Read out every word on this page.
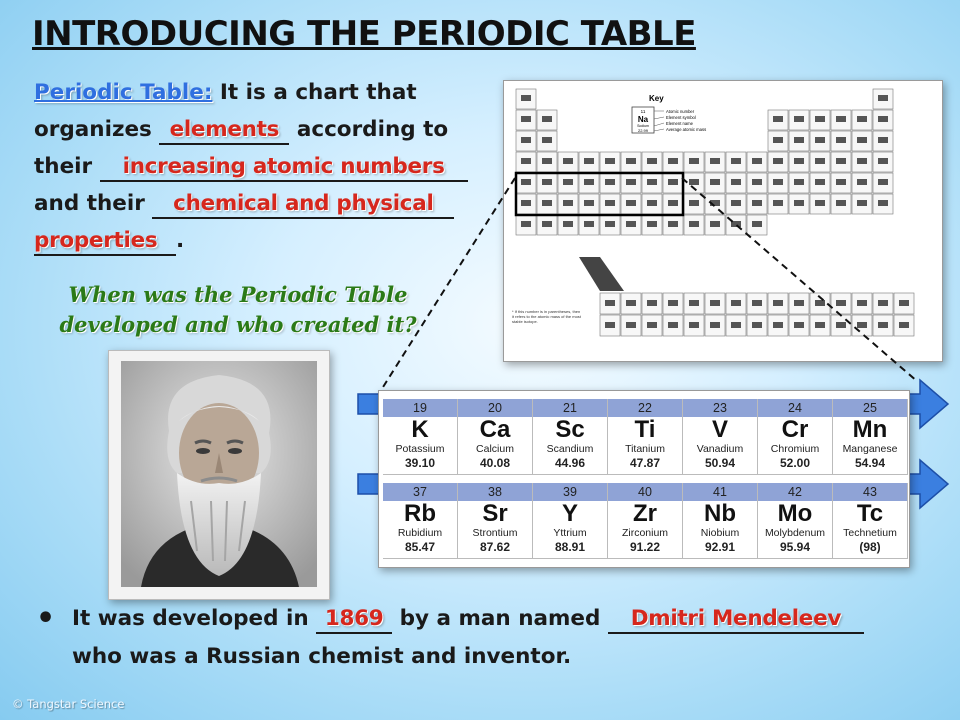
INTRODUCING THE PERIODIC TABLE
Periodic Table: It is a chart that
organizes elements according to
their increasing atomic numbers
and their chemical and physical
properties .
When was the Periodic Table
developed and who created it?
Key
11
Na
Sodium
22.99
Atomic number
Element symbol
Element name
Average atomic mass
* If this number is in parentheses, then it refers to the atomic mass of the most stable isotope.
19
K
Potassium
39.10
20
Ca
Calcium
40.08
21
Sc
Scandium
44.96
22
Ti
Titanium
47.87
23
V
Vanadium
50.94
24
Cr
Chromium
52.00
25
Mn
Manganese
54.94
37
Rb
Rubidium
85.47
38
Sr
Strontium
87.62
39
Y
Yttrium
88.91
40
Zr
Zirconium
91.22
41
Nb
Niobium
92.91
42
Mo
Molybdenum
95.94
43
Tc
Technetium
(98)
• It was developed in 1869 by a man named Dmitri Mendeleev
who was a Russian chemist and inventor.
© Tangstar Science
